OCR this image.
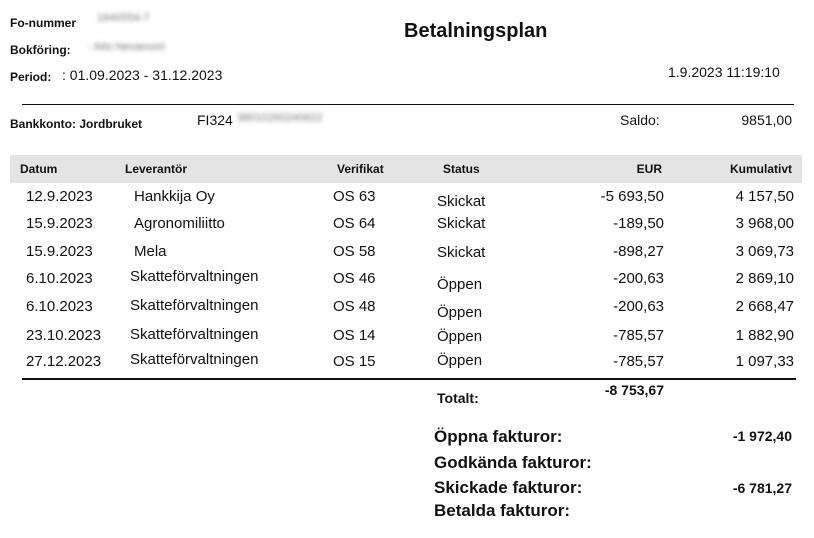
Fo-nummer 1640554-7
Bokföring: : Aito Nevavuori
Period: : 01.09.2023 - 31.12.2023
Betalningsplan
1.9.2023 11:19:10
Bankkonto: Jordbruket	FI324 38010260240822	Saldo:	9851,00
Datum	Leverantör	Verifikat	Status	EUR	Kumulativt
12.9.2023	Hankkija Oy	OS 63	Skickat	-5 693,50	4 157,50
15.9.2023	Agronomiliitto	OS 64	Skickat	-189,50	3 968,00
15.9.2023	Mela	OS 58	Skickat	-898,27	3 069,73
6.10.2023 Skatteförvaltningen	OS 46	Öppen	-200,63	2 869,10
6.10.2023 Skatteförvaltningen	OS 48	Öppen	-200,63	2 668,47
23.10.2023 Skatteförvaltningen	OS 14	Öppen	-785,57	1 882,90
27.12.2023 Skatteförvaltningen	OS 15	Öppen	-785,57	1 097,33
Totalt:	-8 753,67
Öppna fakturor:	-1 972,40
Godkända fakturor:
Skickade fakturor:	-6 781,27
Betalda fakturor:
